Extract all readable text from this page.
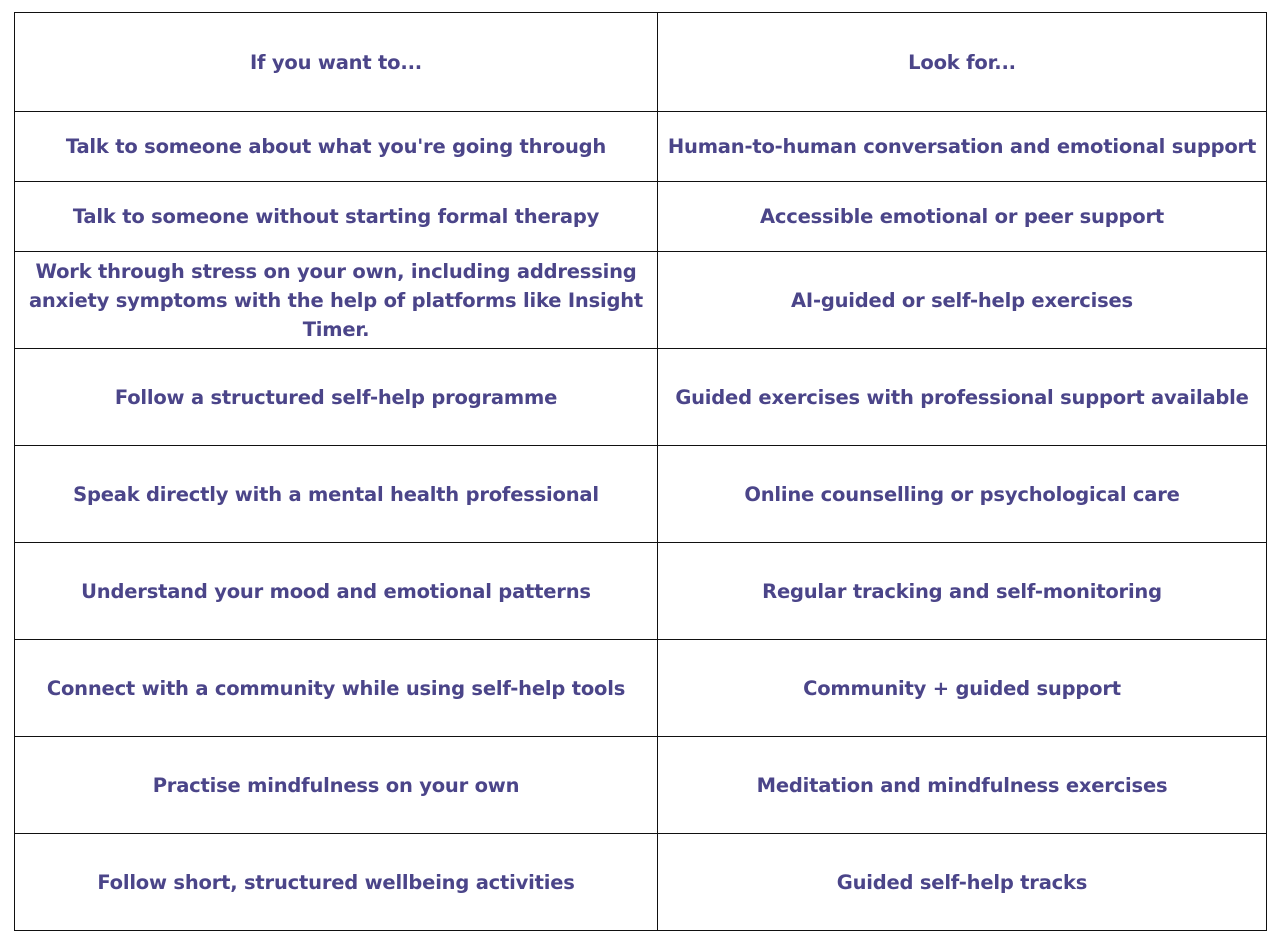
If you want to...	Look for...
Talk to someone about what you're going through	Human-to-human conversation and emotional support
Talk to someone without starting formal therapy	Accessible emotional or peer support
Work through stress on your own, including addressing anxiety symptoms with the help of platforms like Insight Timer.	AI-guided or self-help exercises
Follow a structured self-help programme	Guided exercises with professional support available
Speak directly with a mental health professional	Online counselling or psychological care
Understand your mood and emotional patterns	Regular tracking and self-monitoring
Connect with a community while using self-help tools	Community + guided support
Practise mindfulness on your own	Meditation and mindfulness exercises
Follow short, structured wellbeing activities	Guided self-help tracks
